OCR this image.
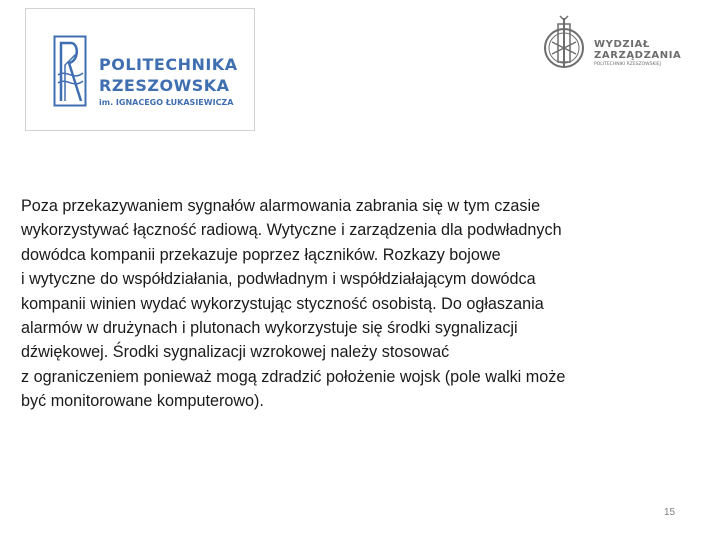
POLITECHNIKA
RZESZOWSKA
im. IGNACEGO ŁUKASIEWICZA
WYDZIAŁ
ZARZĄDZANIA
POLITECHNIKI RZESZOWSKIEJ
Poza przekazywaniem sygnałów alarmowania zabrania się w tym czasie
wykorzystywać łączność radiową. Wytyczne i zarządzenia dla podwładnych
dowódca kompanii przekazuje poprzez łączników. Rozkazy bojowe
i wytyczne do współdziałania, podwładnym i współdziałającym dowódca
kompanii winien wydać wykorzystując styczność osobistą. Do ogłaszania
alarmów w drużynach i plutonach wykorzystuje się środki sygnalizacji
dźwiękowej. Środki sygnalizacji wzrokowej należy stosować
z ograniczeniem ponieważ mogą zdradzić położenie wojsk (pole walki może
być monitorowane komputerowo).
15
